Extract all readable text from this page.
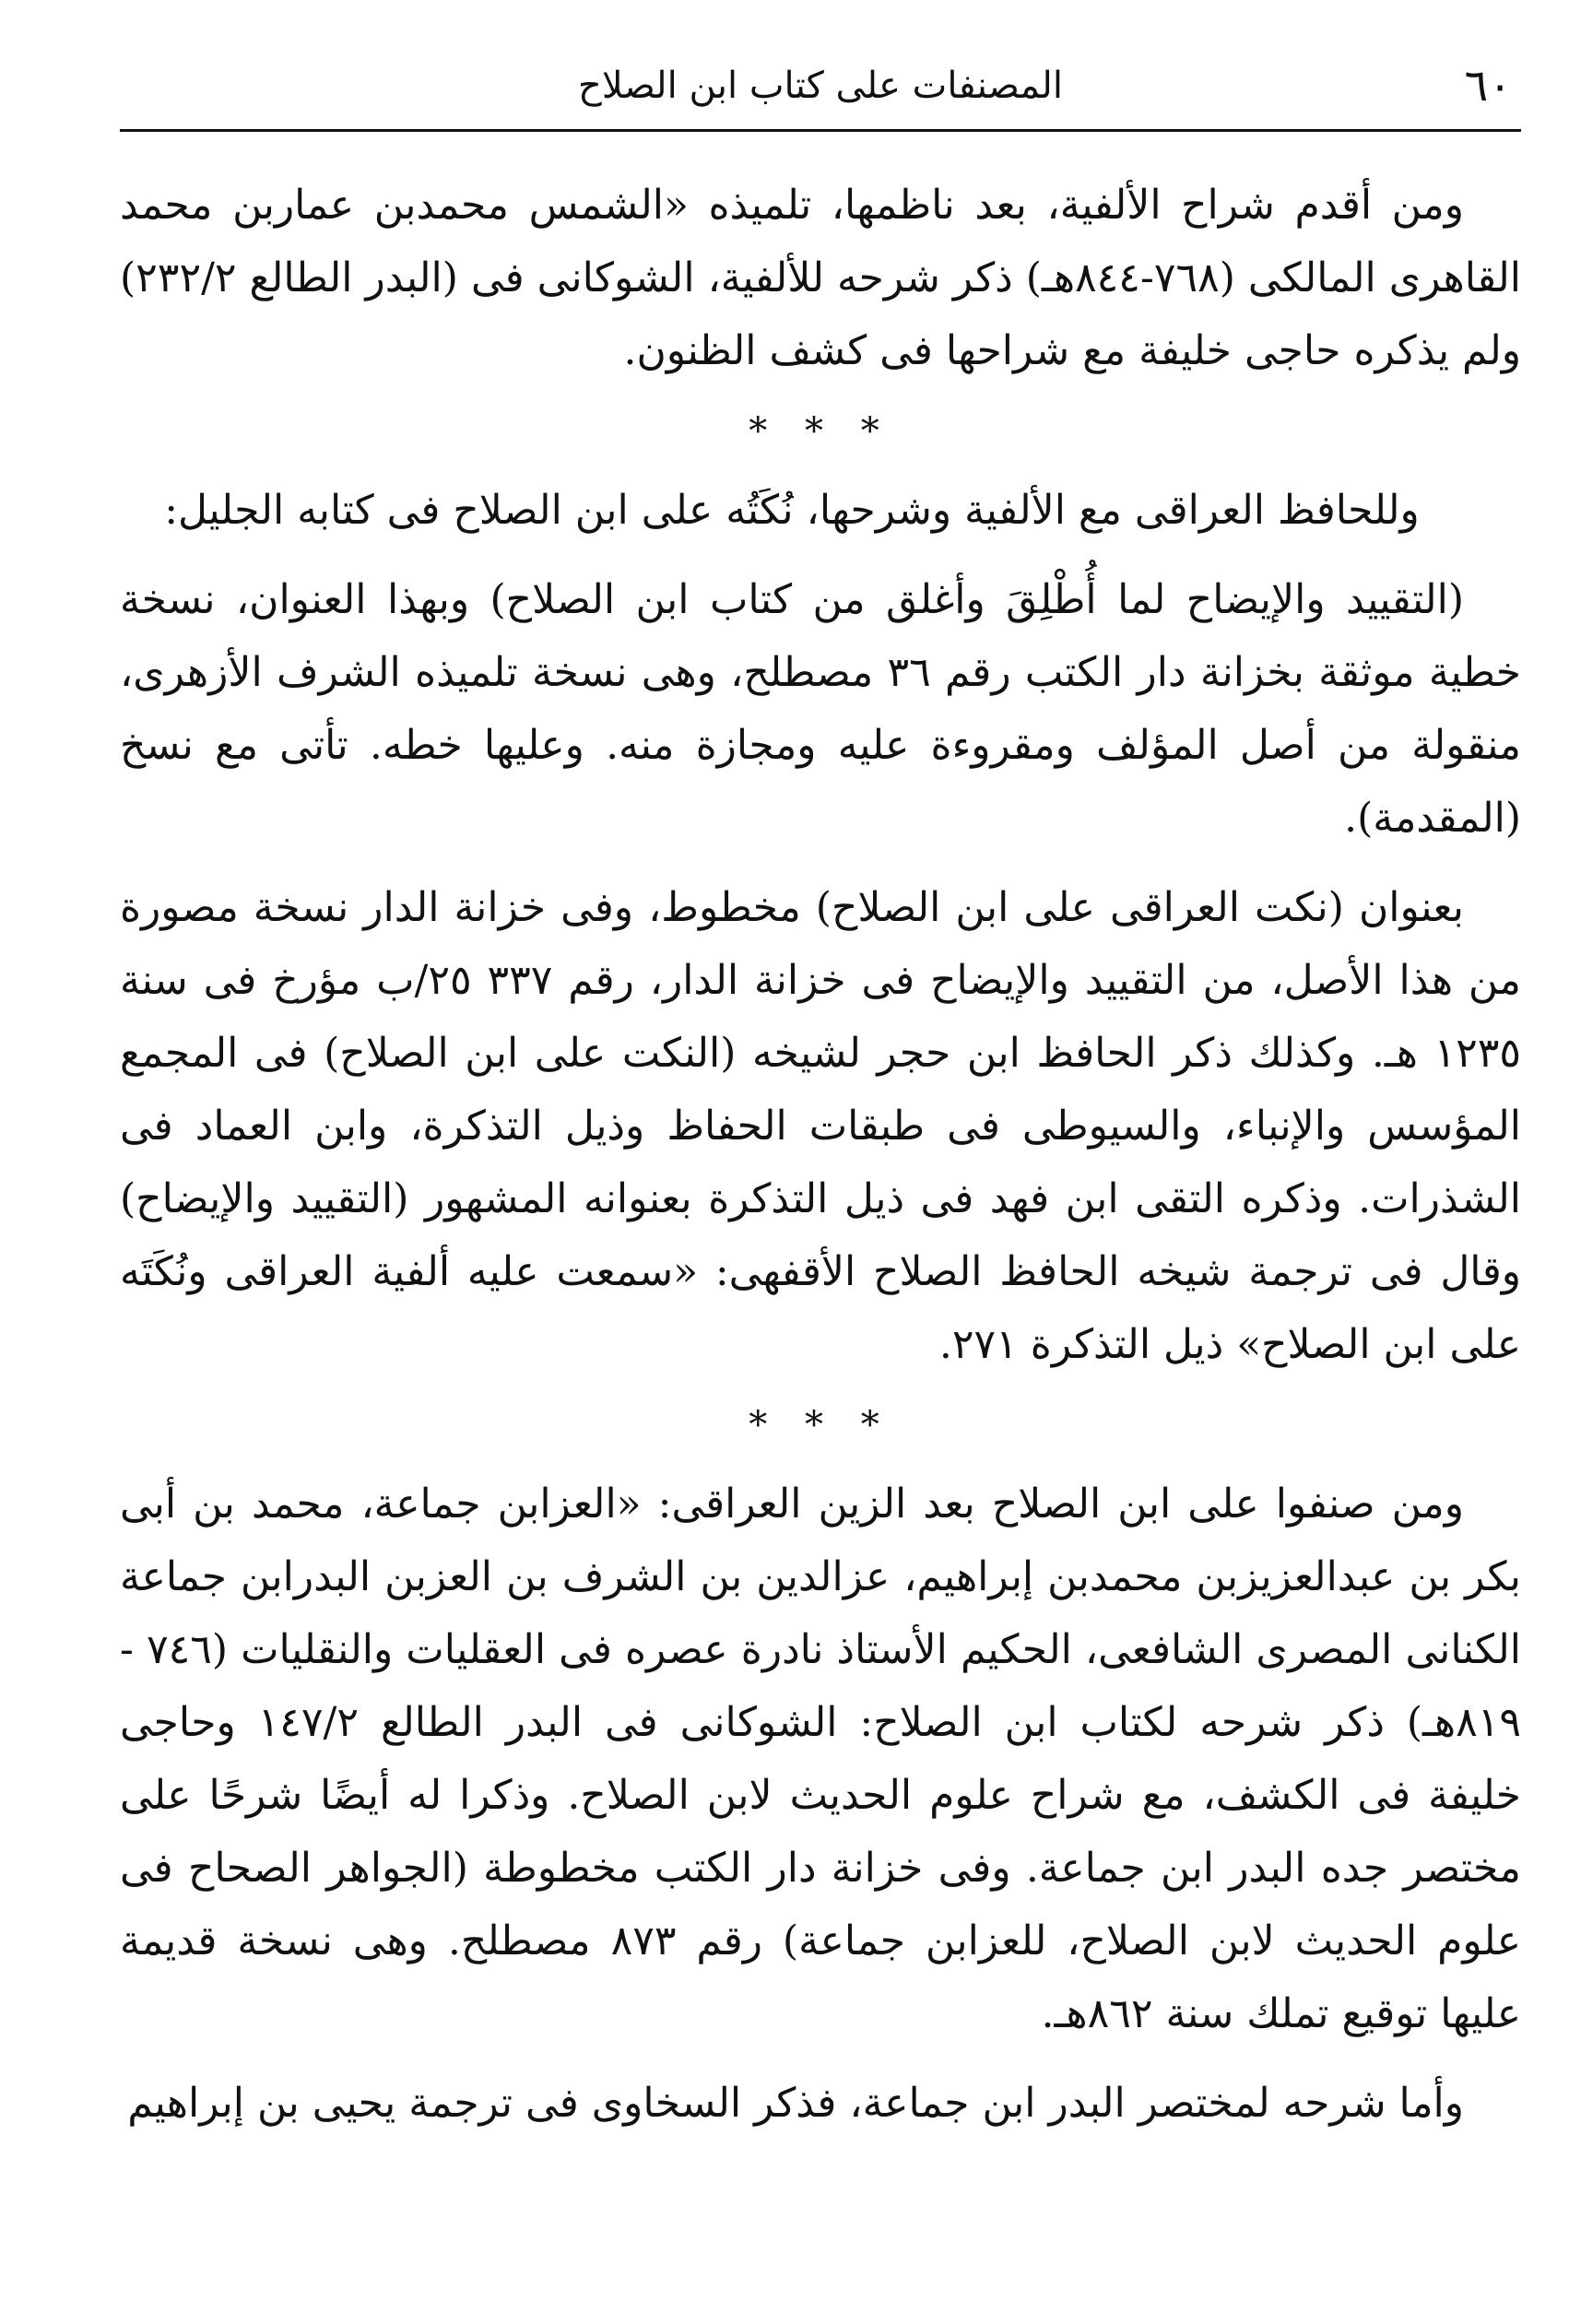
٦٠
المصنفات على كتاب ابن الصلاح

ومن أقدم شراح الألفية، بعد ناظمها، تلميذه «الشمس محمدبن عماربن محمد القاهرى المالكى (٧٦٨-٨٤٤هـ) ذكر شرحه للألفية، الشوكانى فى (البدر الطالع ٢٣٢/٢) ولم يذكره حاجى خليفة مع شراحها فى كشف الظنون.

* * *

وللحافظ العراقى مع الألفية وشرحها، نُكَتُه على ابن الصلاح فى كتابه الجليل:

(التقييد والإيضاح لما أُطْلِقَ وأغلق من كتاب ابن الصلاح) وبهذا العنوان، نسخة خطية موثقة بخزانة دار الكتب رقم ٣٦ مصطلح، وهى نسخة تلميذه الشرف الأزهرى، منقولة من أصل المؤلف ومقروءة عليه ومجازة منه. وعليها خطه. تأتى مع نسخ (المقدمة).

بعنوان (نكت العراقى على ابن الصلاح) مخطوط، وفى خزانة الدار نسخة مصورة من هذا الأصل، من التقييد والإيضاح فى خزانة الدار، رقم ٣٣٧ ٢٥/ب مؤرخ فى سنة ١٢٣٥ هـ. وكذلك ذكر الحافظ ابن حجر لشيخه (النكت على ابن الصلاح) فى المجمع المؤسس والإنباء، والسيوطى فى طبقات الحفاظ وذيل التذكرة، وابن العماد فى الشذرات. وذكره التقى ابن فهد فى ذيل التذكرة بعنوانه المشهور (التقييد والإيضاح) وقال فى ترجمة شيخه الحافظ الصلاح الأقفهى: «سمعت عليه ألفية العراقى ونُكَتَه على ابن الصلاح» ذيل التذكرة ٢٧١.

* * *

ومن صنفوا على ابن الصلاح بعد الزين العراقى: «العزابن جماعة، محمد بن أبى بكر بن عبدالعزيزبن محمدبن إبراهيم، عزالدين بن الشرف بن العزبن البدرابن جماعة الكنانى المصرى الشافعى، الحكيم الأستاذ نادرة عصره فى العقليات والنقليات (٧٤٦ - ٨١٩هـ) ذكر شرحه لكتاب ابن الصلاح: الشوكانى فى البدر الطالع ١٤٧/٢ وحاجى خليفة فى الكشف، مع شراح علوم الحديث لابن الصلاح. وذكرا له أيضًا شرحًا على مختصر جده البدر ابن جماعة. وفى خزانة دار الكتب مخطوطة (الجواهر الصحاح فى علوم الحديث لابن الصلاح، للعزابن جماعة) رقم ٨٧٣ مصطلح. وهى نسخة قديمة عليها توقيع تملك سنة ٨٦٢هـ.

وأما شرحه لمختصر البدر ابن جماعة، فذكر السخاوى فى ترجمة يحيى بن إبراهيم
